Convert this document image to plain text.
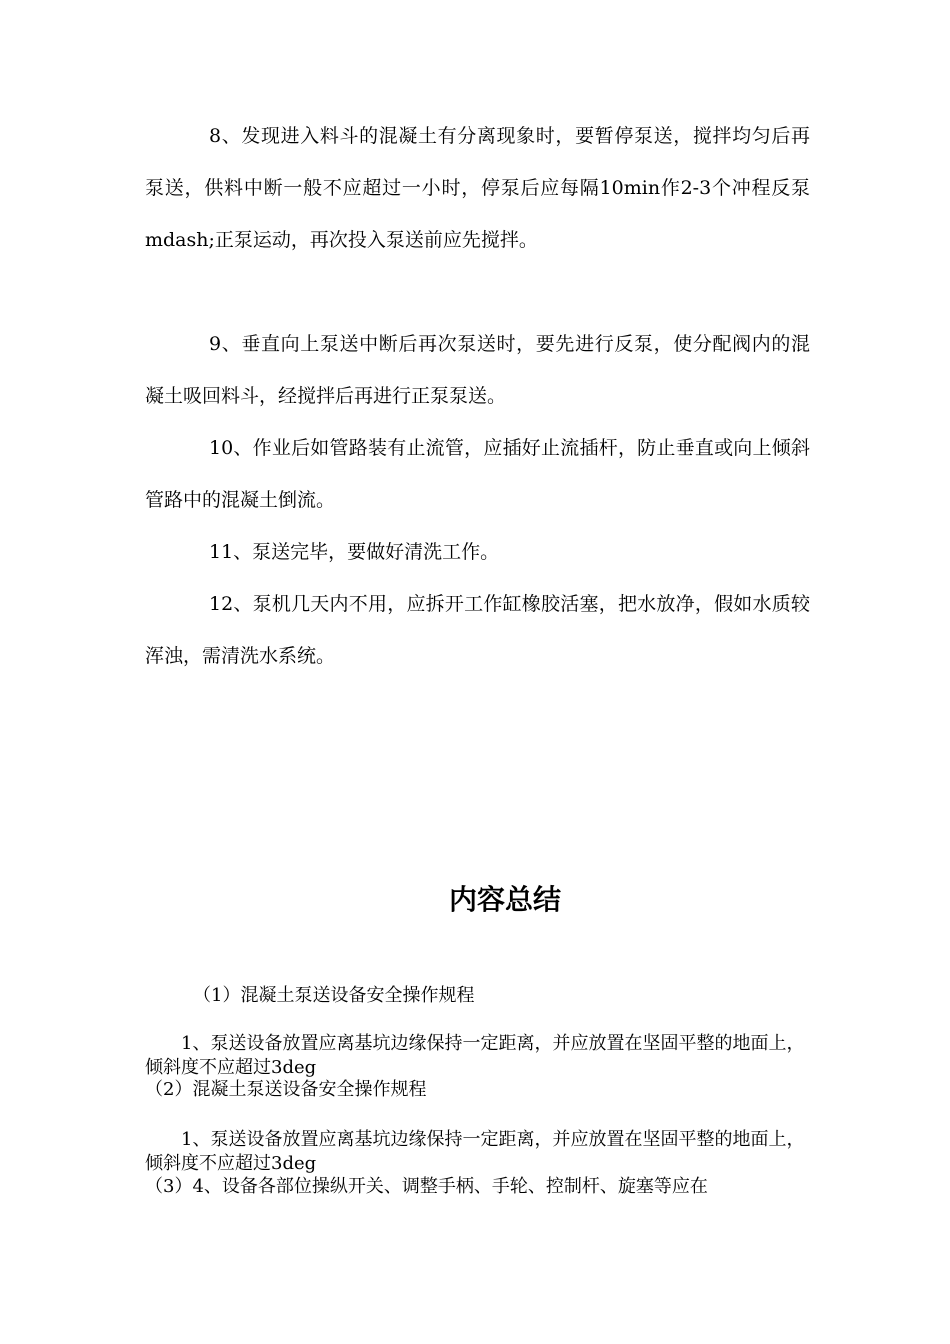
8、发现进入料斗的混凝土有分离现象时，要暂停泵送，搅拌均匀后再泵送，供料中断一般不应超过一小时，停泵后应每隔10min作2-3个冲程反泵mdash;正泵运动，再次投入泵送前应先搅拌。

9、垂直向上泵送中断后再次泵送时，要先进行反泵，使分配阀内的混凝土吸回料斗，经搅拌后再进行正泵泵送。

10、作业后如管路装有止流管，应插好止流插杆，防止垂直或向上倾斜管路中的混凝土倒流。

11、泵送完毕，要做好清洗工作。

12、泵机几天内不用，应拆开工作缸橡胶活塞，把水放净，假如水质较浑浊，需清洗水系统。

内容总结

（1）混凝土泵送设备安全操作规程

1、泵送设备放置应离基坑边缘保持一定距离，并应放置在坚固平整的地面上，倾斜度不应超过3deg

（2）混凝土泵送设备安全操作规程

1、泵送设备放置应离基坑边缘保持一定距离，并应放置在坚固平整的地面上，倾斜度不应超过3deg

（3）4、设备各部位操纵开关、调整手柄、手轮、控制杆、旋塞等应在
